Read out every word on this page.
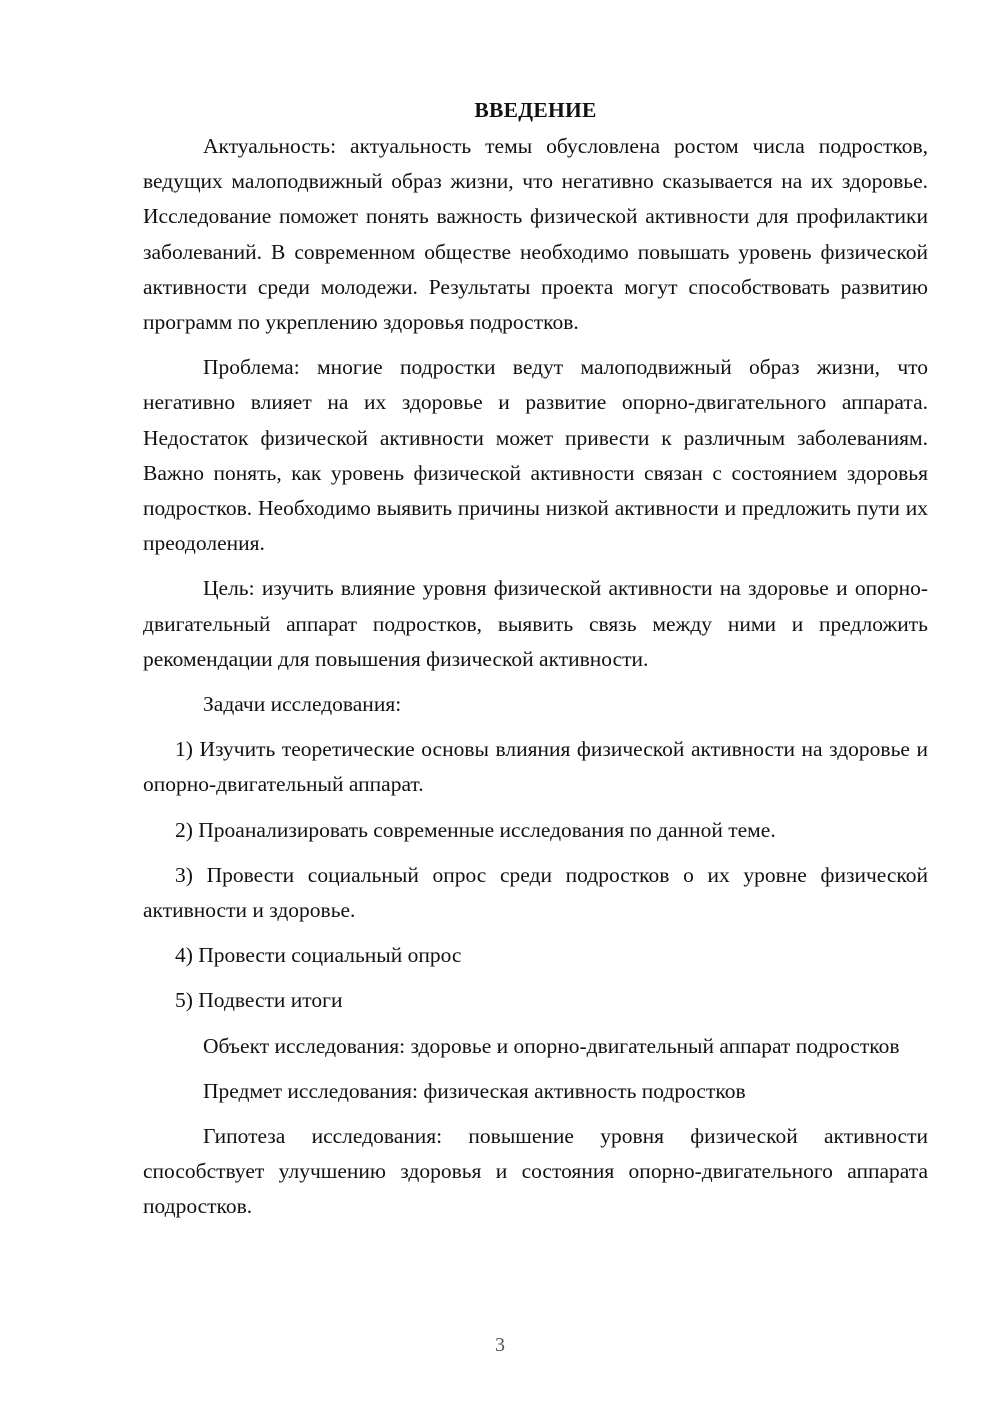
ВВЕДЕНИЕ

Актуальность: актуальность темы обусловлена ростом числа подростков, ведущих малоподвижный образ жизни, что негативно сказывается на их здоровье. Исследование поможет понять важность физической активности для профилактики заболеваний. В современном обществе необходимо повышать уровень физической активности среди молодежи. Результаты проекта могут способствовать развитию программ по укреплению здоровья подростков.

Проблема: многие подростки ведут малоподвижный образ жизни, что негативно влияет на их здоровье и развитие опорно-двигательного аппарата. Недостаток физической активности может привести к различным заболеваниям. Важно понять, как уровень физической активности связан с состоянием здоровья подростков. Необходимо выявить причины низкой активности и предложить пути их преодоления.

Цель: изучить влияние уровня физической активности на здоровье и опорно-двигательный аппарат подростков, выявить связь между ними и предложить рекомендации для повышения физической активности.

Задачи исследования:

1) Изучить теоретические основы влияния физической активности на здоровье и опорно-двигательный аппарат.

2) Проанализировать современные исследования по данной теме.

3) Провести социальный опрос среди подростков о их уровне физической активности и здоровье.

4) Провести социальный опрос

5) Подвести итоги

Объект исследования: здоровье и опорно-двигательный аппарат подростков

Предмет исследования: физическая активность подростков

Гипотеза исследования: повышение уровня физической активности способствует улучшению здоровья и состояния опорно-двигательного аппарата подростков.

3
